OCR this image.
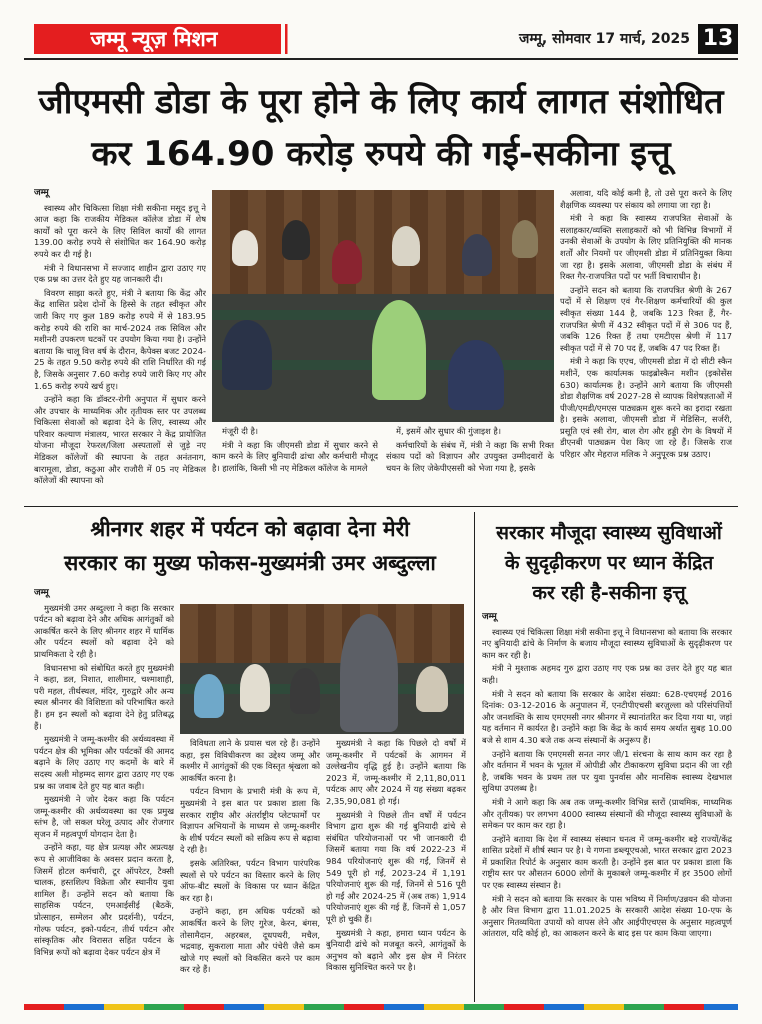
जम्मू न्यूज़ मिशन	जम्मू, सोमवार 17 मार्च, 2025 13
जीएमसी डोडा के पूरा होने के लिए कार्य लागत संशोधित
कर 164.90 करोड़ रुपये की गई-सकीना इत्तू
जम्मू

स्वास्थ्य और चिकित्सा शिक्षा मंत्री सकीना मसूद इत्तू ने आज कहा कि राजकीय मेडिकल कॉलेज डोडा में शेष कार्यों को पूरा करने के लिए सिविल कार्यों की लागत 139.00 करोड़ रुपये से संशोधित कर 164.90 करोड़ रुपये कर दी गई है।

मंत्री ने विधानसभा में सज्जाद शाहीन द्वारा उठाए गए एक प्रश्न का उत्तर देते हुए यह जानकारी दी।

विवरण साझा करते हुए, मंत्री ने बताया कि केंद्र और केंद्र शासित प्रदेश दोनों के हिस्से के तहत स्वीकृत और जारी किए गए कुल 189 करोड़ रुपये में से 183.95 करोड़ रुपये की राशि का मार्च-2024 तक सिविल और मशीनरी उपकरण घटकों पर उपयोग किया गया है। उन्होंने बताया कि चालू वित्त वर्ष के दौरान, कैपेक्स बजट 2024-25 के तहत 9.50 करोड़ रुपये की राशि निर्धारित की गई है, जिसके अनुसार 7.60 करोड़ रुपये जारी किए गए और 1.65 करोड़ रुपये खर्च हुए।

उन्होंने कहा कि डॉक्टर-रोगी अनुपात में सुधार करने और उपचार के माध्यमिक और तृतीयक स्तर पर उपलब्ध चिकित्सा सेवाओं को बढ़ावा देने के लिए, स्वास्थ्य और परिवार कल्याण मंत्रालय, भारत सरकार ने केंद्र प्रायोजित योजना मौजूदा रेफरल/जिला अस्पतालों से जुड़े नए मेडिकल कॉलेजों की स्थापना के तहत अनंतनाग, बारामूला, डोडा, कठुआ और राजौरी में 05 नए मेडिकल कॉलेजों की स्थापना को

मंजूरी दी है।

मंत्री ने कहा कि जीएमसी डोडा में सुधार करने से काम करने के लिए बुनियादी ढांचा और कर्मचारी मौजूद है। हालांकि, किसी भी नए मेडिकल कॉलेज के मामले

में, इसमें और सुधार की गुंजाइश है।

कर्मचारियों के संबंध में, मंत्री ने कहा कि सभी रिक्त संकाय पदों को विज्ञापन और उपयुक्त उम्मीदवारों के चयन के लिए जेकेपीएससी को भेजा गया है, इसके

अलावा, यदि कोई कमी है, तो उसे पूरा करने के लिए शैक्षणिक व्यवस्था पर संकाय को लगाया जा रहा है।

मंत्री ने कहा कि स्वास्थ्य राजपत्रित सेवाओं के सलाहकार/व्यक्ति सलाहकारों को भी विभिन्न विभागों में उनकी सेवाओं के उपयोग के लिए प्रतिनियुक्ति की मानक शर्तों और नियमों पर जीएमसी डोडा में प्रतिनियुक्त किया जा रहा है। इसके अलावा, जीएमसी डोडा के संबंध में रिक्त गैर-राजपत्रित पदों पर भर्ती विचाराधीन है।

उन्होंने सदन को बताया कि राजपत्रित श्रेणी के 267 पदों में से शिक्षण एवं गैर-शिक्षण कर्मचारियों की कुल स्वीकृत संख्या 144 है, जबकि 123 रिक्त हैं, गैर-राजपत्रित श्रेणी में 432 स्वीकृत पदों में से 306 पद हैं, जबकि 126 रिक्त हैं तथा एमटीएस श्रेणी में 117 स्वीकृत पदों में से 70 पद हैं, जबकि 47 पद रिक्त हैं।

मंत्री ने कहा कि एएच, जीएमसी डोडा में दो सीटी स्कैन मशीनें, एक कार्यात्मक फाइब्रोस्कैन मशीन (इकोसेंस 630) कार्यात्मक है। उन्होंने आगे बताया कि जीएमसी डोडा शैक्षणिक वर्ष 2027-28 से व्यापक विशेषज्ञताओं में पीजी/एमडी/एमएस पाठ्यक्रम शुरू करने का इरादा रखता है। इसके अलावा, जीएमसी डोडा में मेडिसिन, सर्जरी, प्रसूति एवं स्त्री रोग, बाल रोग और हड्डी रोग के विषयों में डीएनबी पाठ्यक्रम पेश किए जा रहे हैं। जिसके राज परिहार और मेहराज मलिक ने अनुपूरक प्रश्न उठाए।

श्रीनगर शहर में पर्यटन को बढ़ावा देना मेरी
सरकार का मुख्य फोकस-मुख्यमंत्री उमर अब्दुल्ला
जम्मू

मुख्यमंत्री उमर अब्दुल्ला ने कहा कि सरकार पर्यटन को बढ़ावा देने और अधिक आगंतुकों को आकर्षित करने के लिए श्रीनगर शहर में धार्मिक और पर्यटन स्थलों को बढ़ावा देने को प्राथमिकता दे रही है।

विधानसभा को संबोधित करते हुए मुख्यमंत्री ने कहा, डल, निशात, शालीमार, चश्माशाही, परी महल, तीर्थस्थल, मंदिर, गुरुद्वारे और अन्य स्थल श्रीनगर की विशिष्टता को परिभाषित करते हैं। हम इन स्थलों को बढ़ावा देने हेतु प्रतिबद्ध हैं।

मुख्यमंत्री ने जम्मू-कश्मीर की अर्थव्यवस्था में पर्यटन क्षेत्र की भूमिका और पर्यटकों की आमद बढ़ाने के लिए उठाए गए कदमों के बारे में सदस्य अली मोहम्मद सागर द्वारा उठाए गए एक प्रश्न का जवाब देते हुए यह बात कही।

मुख्यमंत्री ने जोर देकर कहा कि पर्यटन जम्मू-कश्मीर की अर्थव्यवस्था का एक प्रमुख स्तंभ है, जो सकल घरेलू उत्पाद और रोजगार सृजन में महत्वपूर्ण योगदान देता है।

उन्होंने कहा, यह क्षेत्र प्रत्यक्ष और अप्रत्यक्ष रूप से आजीविका के अवसर प्रदान करता है, जिसमें होटल कर्मचारी, टूर ऑपरेटर, टैक्सी चालक, हस्तशिल्प विक्रेता और स्थानीय युवा शामिल हैं। उन्होंने सदन को बताया कि साहसिक पर्यटन, एमआईसीई (बैठकें, प्रोत्साहन, सम्मेलन और प्रदर्शनी), पर्यटन, गोल्फ पर्यटन, इको-पर्यटन, तीर्थ पर्यटन और सांस्कृतिक और विरासत सहित पर्यटन के विभिन्न रूपों को बढ़ावा देकर पर्यटन क्षेत्र में

विविधता लाने के प्रयास चल रहे हैं। उन्होंने कहा, इस विविधीकरण का उद्देश्य जम्मू और कश्मीर में आगंतुकों की एक विस्तृत श्रृंखला को आकर्षित करना है।

पर्यटन विभाग के प्रभारी मंत्री के रूप में, मुख्यमंत्री ने इस बात पर प्रकाश डाला कि सरकार राष्ट्रीय और अंतर्राष्ट्रीय प्लेटफार्मों पर विज्ञापन अभियानों के माध्यम से जम्मू-कश्मीर के शीर्ष पर्यटन स्थलों को सक्रिय रूप से बढ़ावा दे रही है।

इसके अतिरिक्त, पर्यटन विभाग पारंपरिक स्थलों से परे पर्यटन का विस्तार करने के लिए ऑफ-बीट स्थलों के विकास पर ध्यान केंद्रित कर रहा है।

उन्होंने कहा, हम अधिक पर्यटकों को आकर्षित करने के लिए गुरेज, केरन, बंगस, तोसामैदान, अहरबल, दूधपथरी, मचैल, भद्रवाह, सुकराला माता और पंचेरी जैसे कम खोजे गए स्थलों को विकसित करने पर काम कर रहे हैं।

मुख्यमंत्री ने कहा कि पिछले दो वर्षों में जम्मू-कश्मीर में पर्यटकों के आगमन में उल्लेखनीय वृद्धि हुई है। उन्होंने बताया कि 2023 में, जम्मू-कश्मीर में 2,11,80,011 पर्यटक आए और 2024 में यह संख्या बढ़कर 2,35,90,081 हो गई।

मुख्यमंत्री ने पिछले तीन वर्षों में पर्यटन विभाग द्वारा शुरू की गई बुनियादी ढांचे से संबंधित परियोजनाओं पर भी जानकारी दी जिसमें बताया गया कि वर्ष 2022-23 में 984 परियोजनाएं शुरू की गईं, जिनमें से 549 पूरी हो गईं, 2023-24 में 1,191 परियोजनाएं शुरू की गईं, जिनमें से 516 पूरी हो गईं और 2024-25 में (अब तक) 1,914 परियोजनाएं शुरू की गई हैं, जिनमें से 1,057 पूरी हो चुकी हैं।

मुख्यमंत्री ने कहा, हमारा ध्यान पर्यटन के बुनियादी ढांचे को मजबूत करने, आगंतुकों के अनुभव को बढ़ाने और इस क्षेत्र में निरंतर विकास सुनिश्चित करने पर है।

सरकार मौजूदा स्वास्थ्य सुविधाओं
के सुदृढ़ीकरण पर ध्यान केंद्रित
कर रही है-सकीना इत्तू
जम्मू

स्वास्थ्य एवं चिकित्सा शिक्षा मंत्री सकीना इत्तू ने विधानसभा को बताया कि सरकार नए बुनियादी ढांचे के निर्माण के बजाय मौजूदा स्वास्थ्य सुविधाओं के सुदृढ़ीकरण पर काम कर रही है।

मंत्री ने मुश्ताक अहमद गुरु द्वारा उठाए गए एक प्रश्न का उत्तर देते हुए यह बात कही।

मंत्री ने सदन को बताया कि सरकार के आदेश संख्या: 628-एचएमई 2016 दिनांक: 03-12-2016 के अनुपालन में, एनटीपीएचसी बरज़ुल्ला को परिसंपत्तियों और जनशक्ति के साथ एमएमसी नगर श्रीनगर में स्थानांतरित कर दिया गया था, जहां यह वर्तमान में कार्यरत है। उन्होंने कहा कि केंद्र के कार्य समय अर्थात सुबह 10.00 बजे से शाम 4.30 बजे तक अन्य संस्थानों के अनुरूप हैं।

उन्होंने बताया कि एमएमसी सनत नगर जी/1 संरचना के साथ काम कर रहा है और वर्तमान में भवन के भूतल में ओपीडी और टीकाकरण सुविधा प्रदान की जा रही है, जबकि भवन के प्रथम तल पर युवा पुनर्वास और मानसिक स्वास्थ्य देखभाल सुविधा उपलब्ध है।

मंत्री ने आगे कहा कि अब तक जम्मू-कश्मीर विभिन्न स्तरों (प्राथमिक, माध्यमिक और तृतीयक) पर लगभग 4000 स्वास्थ्य संस्थानों की मौजूदा स्वास्थ्य सुविधाओं के समेकन पर काम कर रहा है।

उन्होंने बताया कि देश में स्वास्थ्य संस्थान घनत्व में जम्मू-कश्मीर बड़े राज्यों/केंद्र शासित प्रदेशों में शीर्ष स्थान पर है। ये गणना डब्ल्यूएचओ, भारत सरकार द्वारा 2023 में प्रकाशित रिपोर्ट के अनुसार काम करती है। उन्होंने इस बात पर प्रकाश डाला कि राष्ट्रीय स्तर पर औसतन 6000 लोगों के मुकाबले जम्मू-कश्मीर में हर 3500 लोगों पर एक स्वास्थ्य संस्थान है।

मंत्री ने सदन को बताया कि सरकार के पास भविष्य में निर्माण/उन्नयन की योजना है और वित्त विभाग द्वारा 11.01.2025 के सरकारी आदेश संख्या 10-एफ के अनुसार मितव्ययिता उपायों को वापस लेने और आईपीएचएस के अनुसार महत्वपूर्ण आंतराल, यदि कोई हो, का आकलन करने के बाद इस पर काम किया जाएगा।
